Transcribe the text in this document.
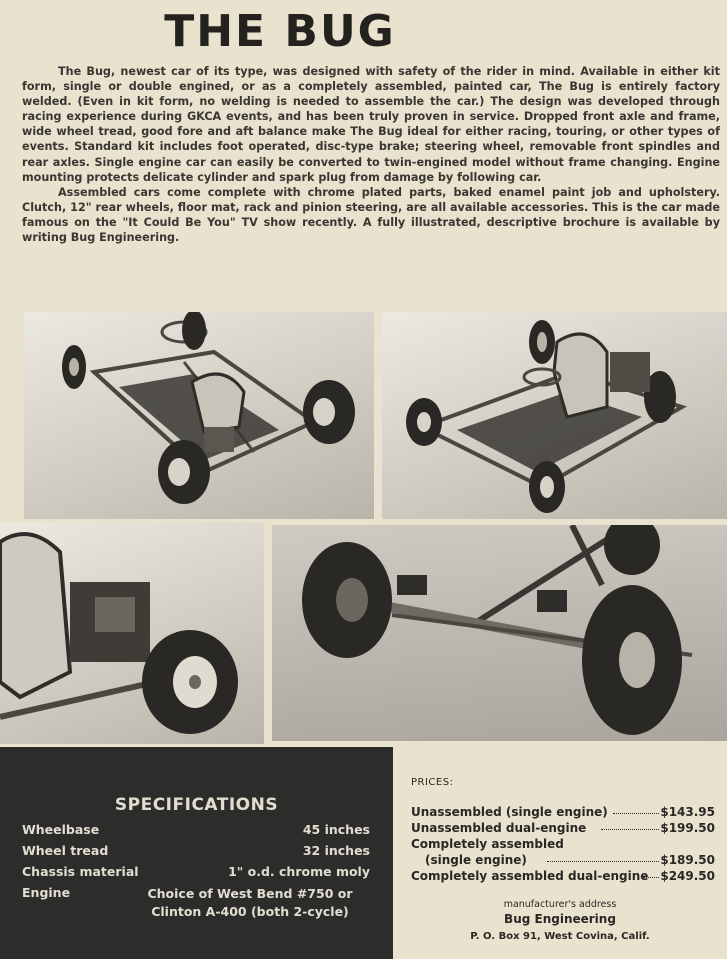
THE BUG

The Bug, newest car of its type, was designed with safety of the rider in mind. Available in either kit form, single or double engined, or as a completely assembled, painted car, The Bug is entirely factory welded. (Even in kit form, no welding is needed to assemble the car.) The design was developed through racing experience during GKCA events, and has been truly proven in service. Dropped front axle and frame, wide wheel tread, good fore and aft balance make The Bug ideal for either racing, touring, or other types of events. Standard kit includes foot operated, disc-type brake; steering wheel, removable front spindles and rear axles. Single engine car can easily be converted to twin-engined model without frame changing. Engine mounting protects delicate cylinder and spark plug from damage by following car.

Assembled cars come complete with chrome plated parts, baked enamel paint job and upholstery. Clutch, 12" rear wheels, floor mat, rack and pinion steering, are all available accessories. This is the car made famous on the "It Could Be You" TV show recently. A fully illustrated, descriptive brochure is available by writing Bug Engineering.

SPECIFICATIONS
Wheelbase	45 inches
Wheel tread	32 inches
Chassis material	1" o.d. chrome moly
Engine	Choice of West Bend #750 or Clinton A-400 (both 2-cycle)
PRICES:
Unassembled (single engine)	$143.95
Unassembled dual-engine	$199.50
Completely assembled
(single engine)	$189.50
Completely assembled dual-engine $249.50
manufacturer's address
Bug Engineering
P. O. Box 91, West Covina, Calif.
